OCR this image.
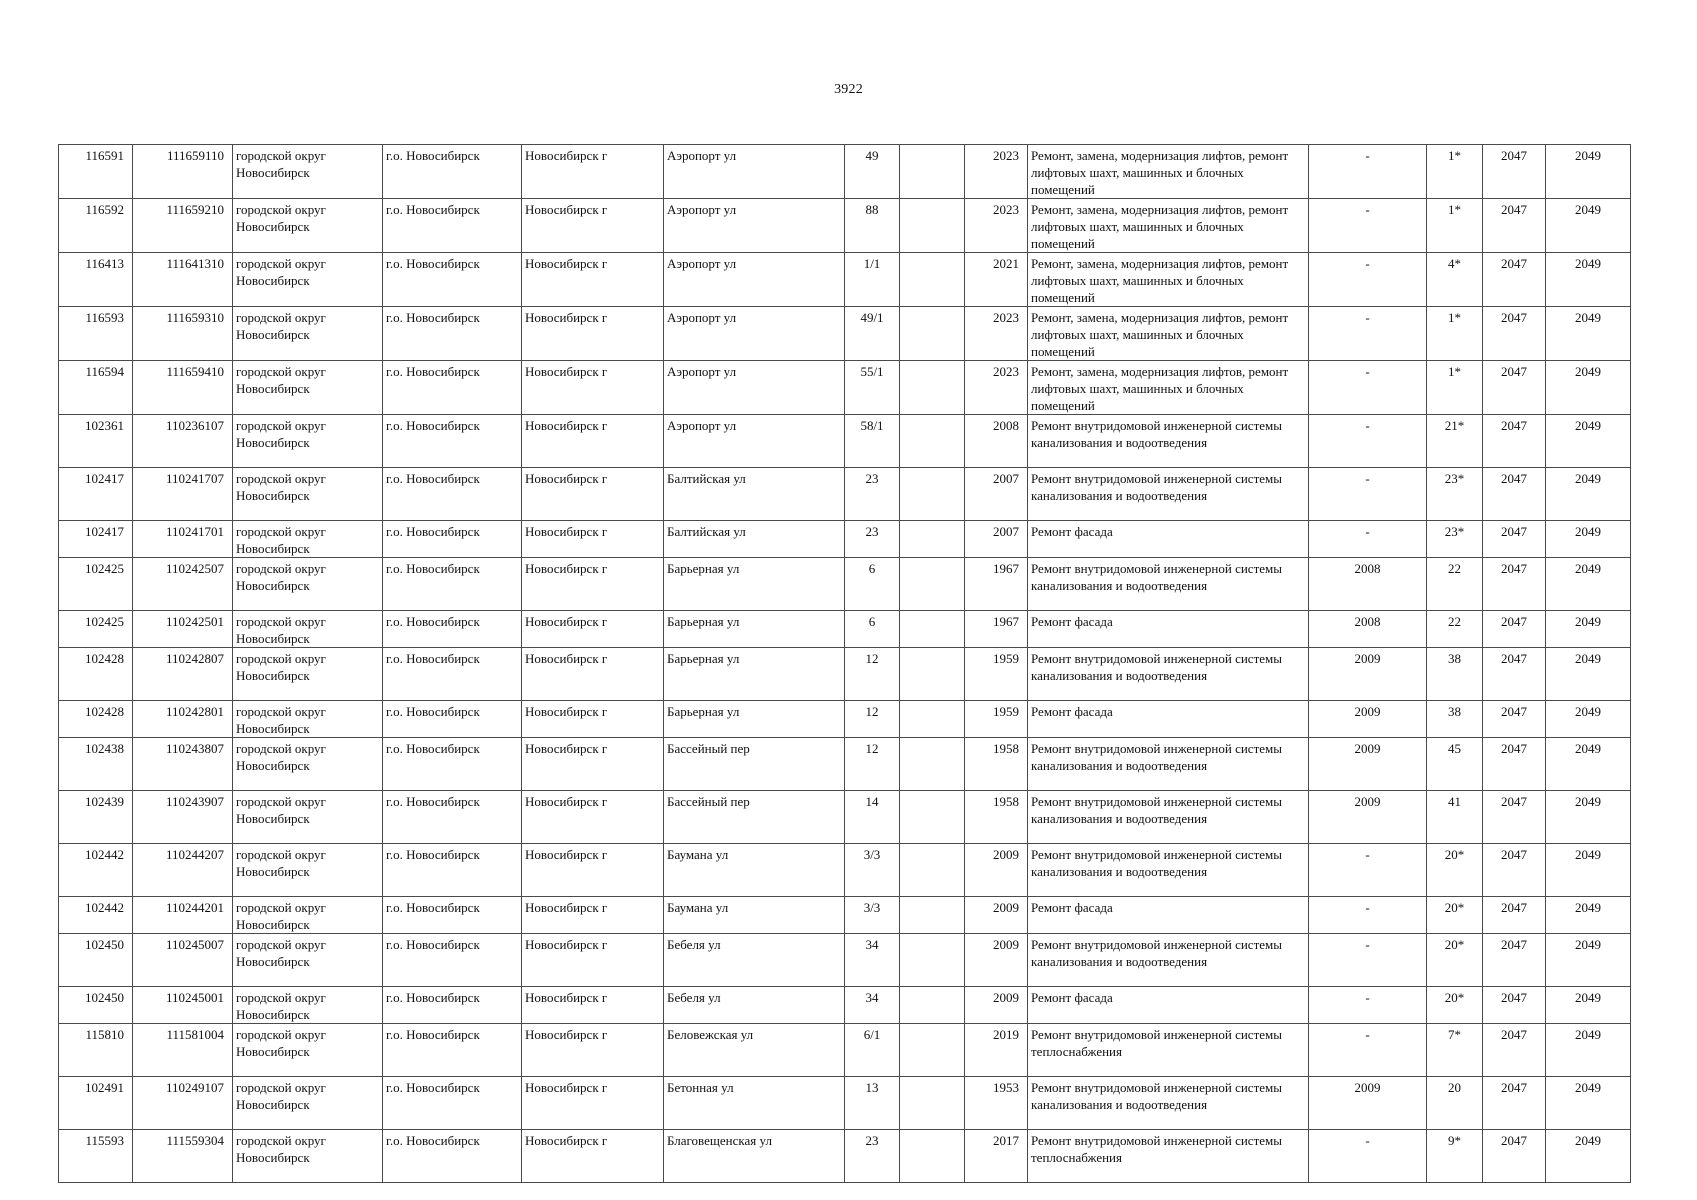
3922
116591	111659110	городской округ Новосибирск	г.о. Новосибирск	Новосибирск г	Аэропорт ул	49		2023	Ремонт, замена, модернизация лифтов, ремонт лифтовых шахт, машинных и блочных помещений	-	1*	2047	2049
116592	111659210	городской округ Новосибирск	г.о. Новосибирск	Новосибирск г	Аэропорт ул	88		2023	Ремонт, замена, модернизация лифтов, ремонт лифтовых шахт, машинных и блочных помещений	-	1*	2047	2049
116413	111641310	городской округ Новосибирск	г.о. Новосибирск	Новосибирск г	Аэропорт ул	1/1		2021	Ремонт, замена, модернизация лифтов, ремонт лифтовых шахт, машинных и блочных помещений	-	4*	2047	2049
116593	111659310	городской округ Новосибирск	г.о. Новосибирск	Новосибирск г	Аэропорт ул	49/1		2023	Ремонт, замена, модернизация лифтов, ремонт лифтовых шахт, машинных и блочных помещений	-	1*	2047	2049
116594	111659410	городской округ Новосибирск	г.о. Новосибирск	Новосибирск г	Аэропорт ул	55/1		2023	Ремонт, замена, модернизация лифтов, ремонт лифтовых шахт, машинных и блочных помещений	-	1*	2047	2049
102361	110236107	городской округ Новосибирск	г.о. Новосибирск	Новосибирск г	Аэропорт ул	58/1		2008	Ремонт внутридомовой инженерной системы канализования и водоотведения	-	21*	2047	2049
102417	110241707	городской округ Новосибирск	г.о. Новосибирск	Новосибирск г	Балтийская ул	23		2007	Ремонт внутридомовой инженерной системы канализования и водоотведения	-	23*	2047	2049
102417	110241701	городской округ Новосибирск	г.о. Новосибирск	Новосибирск г	Балтийская ул	23		2007	Ремонт фасада	-	23*	2047	2049
102425	110242507	городской округ Новосибирск	г.о. Новосибирск	Новосибирск г	Барьерная ул	6		1967	Ремонт внутридомовой инженерной системы канализования и водоотведения	2008	22	2047	2049
102425	110242501	городской округ Новосибирск	г.о. Новосибирск	Новосибирск г	Барьерная ул	6		1967	Ремонт фасада	2008	22	2047	2049
102428	110242807	городской округ Новосибирск	г.о. Новосибирск	Новосибирск г	Барьерная ул	12		1959	Ремонт внутридомовой инженерной системы канализования и водоотведения	2009	38	2047	2049
102428	110242801	городской округ Новосибирск	г.о. Новосибирск	Новосибирск г	Барьерная ул	12		1959	Ремонт фасада	2009	38	2047	2049
102438	110243807	городской округ Новосибирск	г.о. Новосибирск	Новосибирск г	Бассейный пер	12		1958	Ремонт внутридомовой инженерной системы канализования и водоотведения	2009	45	2047	2049
102439	110243907	городской округ Новосибирск	г.о. Новосибирск	Новосибирск г	Бассейный пер	14		1958	Ремонт внутридомовой инженерной системы канализования и водоотведения	2009	41	2047	2049
102442	110244207	городской округ Новосибирск	г.о. Новосибирск	Новосибирск г	Баумана ул	3/3		2009	Ремонт внутридомовой инженерной системы канализования и водоотведения	-	20*	2047	2049
102442	110244201	городской округ Новосибирск	г.о. Новосибирск	Новосибирск г	Баумана ул	3/3		2009	Ремонт фасада	-	20*	2047	2049
102450	110245007	городской округ Новосибирск	г.о. Новосибирск	Новосибирск г	Бебеля ул	34		2009	Ремонт внутридомовой инженерной системы канализования и водоотведения	-	20*	2047	2049
102450	110245001	городской округ Новосибирск	г.о. Новосибирск	Новосибирск г	Бебеля ул	34		2009	Ремонт фасада	-	20*	2047	2049
115810	111581004	городской округ Новосибирск	г.о. Новосибирск	Новосибирск г	Беловежская ул	6/1		2019	Ремонт внутридомовой инженерной системы теплоснабжения	-	7*	2047	2049
102491	110249107	городской округ Новосибирск	г.о. Новосибирск	Новосибирск г	Бетонная ул	13		1953	Ремонт внутридомовой инженерной системы канализования и водоотведения	2009	20	2047	2049
115593	111559304	городской округ Новосибирск	г.о. Новосибирск	Новосибирск г	Благовещенская ул	23		2017	Ремонт внутридомовой инженерной системы теплоснабжения	-	9*	2047	2049
